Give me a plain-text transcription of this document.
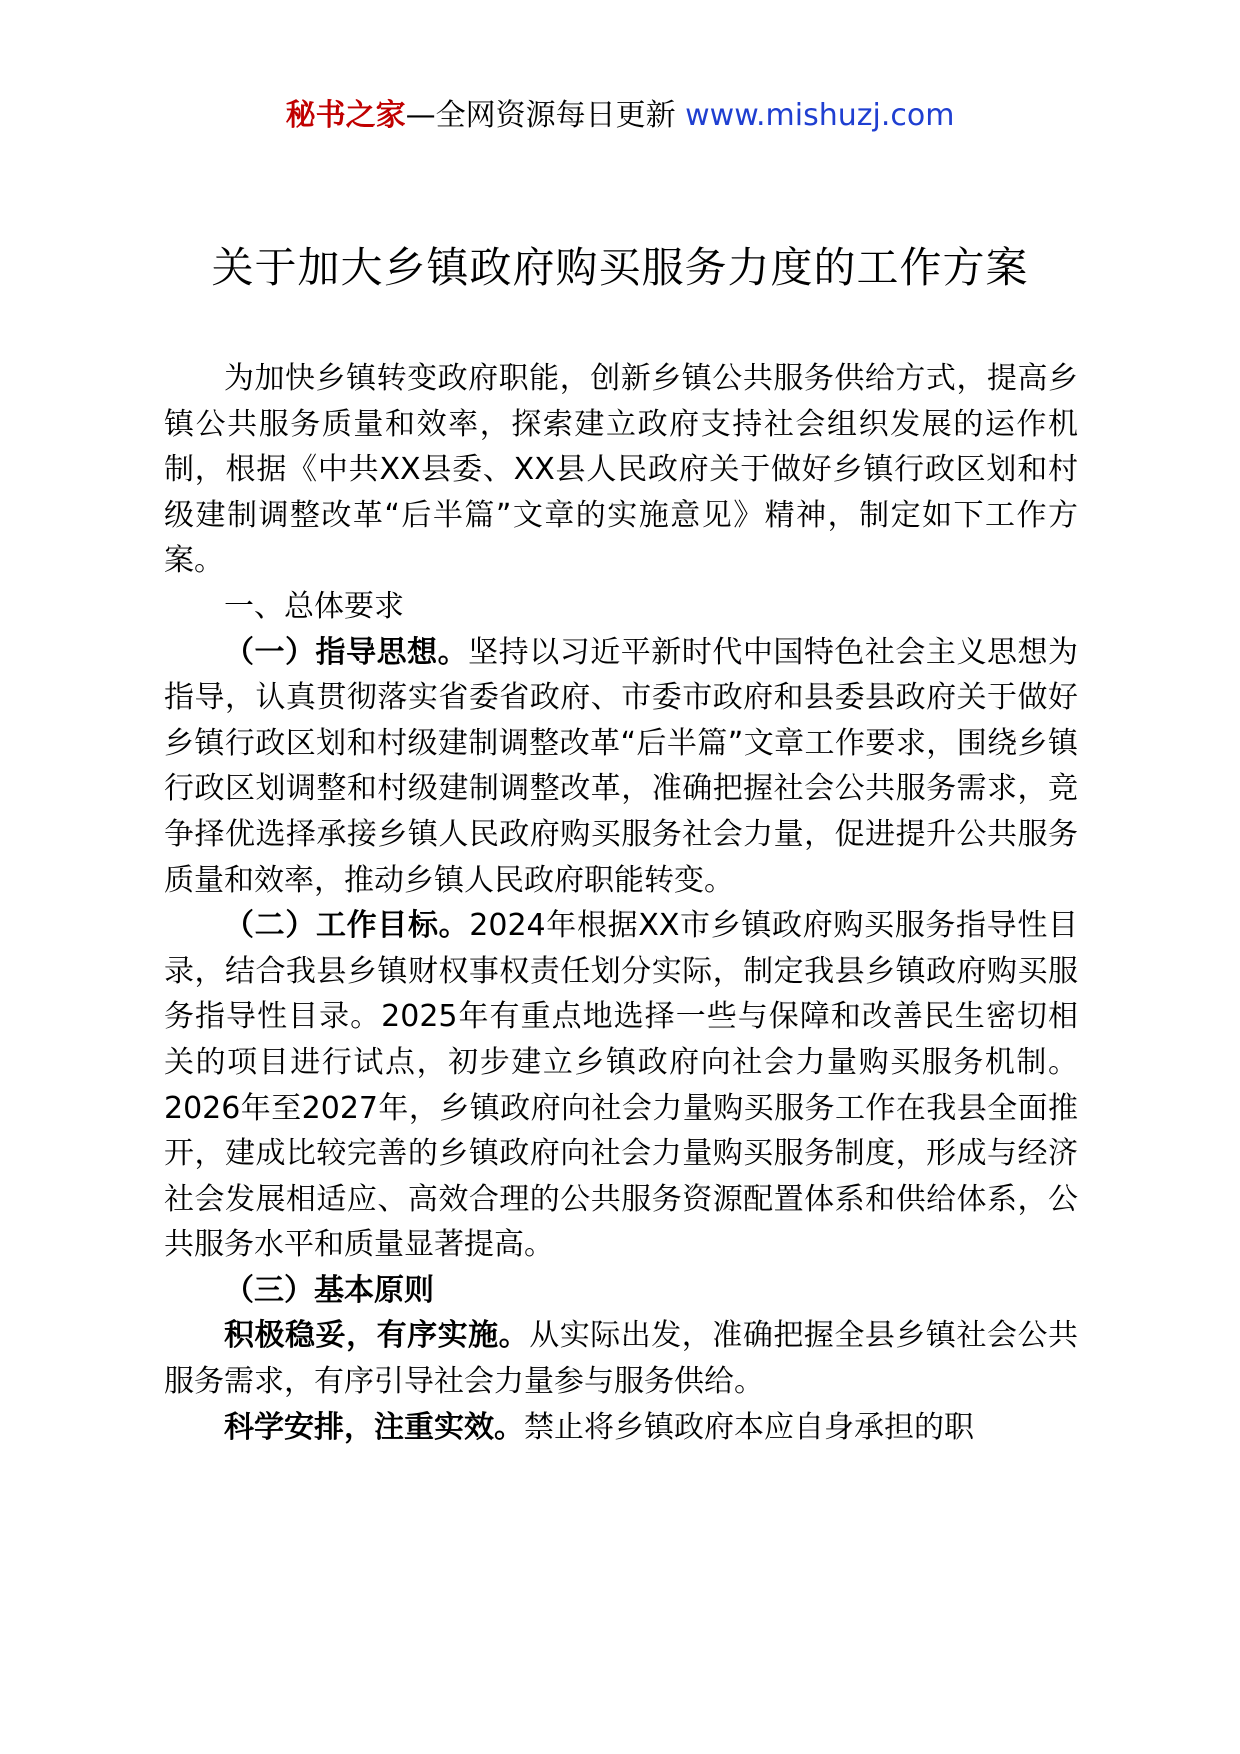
秘书之家—全网资源每日更新 www.mishuzj.com
关于加大乡镇政府购买服务力度的工作方案

为加快乡镇转变政府职能，创新乡镇公共服务供给方式，提高乡镇公共服务质量和效率，探索建立政府支持社会组织发展的运作机制，根据《中共XX县委、XX县人民政府关于做好乡镇行政区划和村级建制调整改革“后半篇”文章的实施意见》精神，制定如下工作方案。

一、总体要求

（一）指导思想。坚持以习近平新时代中国特色社会主义思想为指导，认真贯彻落实省委省政府、市委市政府和县委县政府关于做好乡镇行政区划和村级建制调整改革“后半篇”文章工作要求，围绕乡镇行政区划调整和村级建制调整改革，准确把握社会公共服务需求，竞争择优选择承接乡镇人民政府购买服务社会力量，促进提升公共服务质量和效率，推动乡镇人民政府职能转变。

（二）工作目标。2024年根据XX市乡镇政府购买服务指导性目录，结合我县乡镇财权事权责任划分实际，制定我县乡镇政府购买服务指导性目录。2025年有重点地选择一些与保障和改善民生密切相关的项目进行试点，初步建立乡镇政府向社会力量购买服务机制。2026年至2027年，乡镇政府向社会力量购买服务工作在我县全面推开，建成比较完善的乡镇政府向社会力量购买服务制度，形成与经济社会发展相适应、高效合理的公共服务资源配置体系和供给体系，公共服务水平和质量显著提高。

（三）基本原则

积极稳妥，有序实施。从实际出发，准确把握全县乡镇社会公共服务需求，有序引导社会力量参与服务供给。

科学安排，注重实效。禁止将乡镇政府本应自身承担的职
